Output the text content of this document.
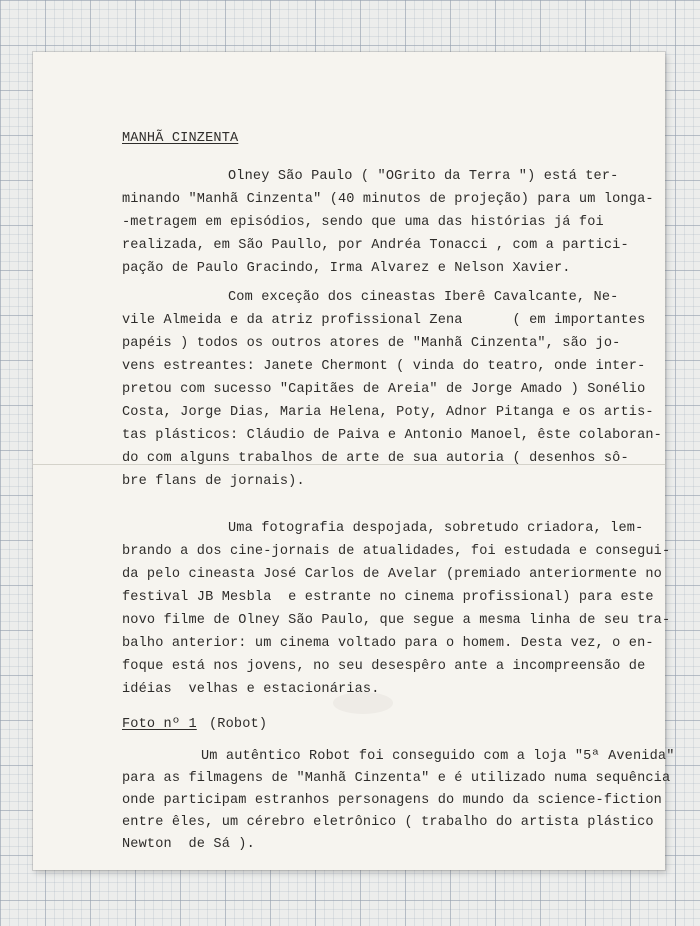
MANHÃ CINZENTA

Olney São Paulo ( "OGrito da Terra ") está ter-

minando "Manhã Cinzenta" (40 minutos de projeção) para um longa-

-metragem em episódios, sendo que uma das histórias já foi

realizada, em São Paullo, por Andréa Tonacci , com a partici-

pação de Paulo Gracindo, Irma Alvarez e Nelson Xavier.

Com exceção dos cineastas Iberê Cavalcante, Ne-

vile Almeida e da atriz profissional Zena      ( em importantes

papéis ) todos os outros atores de "Manhã Cinzenta", são jo-

vens estreantes: Janete Chermont ( vinda do teatro, onde inter-

pretou com sucesso "Capitães de Areia" de Jorge Amado ) Sonélio

Costa, Jorge Dias, Maria Helena, Poty, Adnor Pitanga e os artis-

tas plásticos: Cláudio de Paiva e Antonio Manoel, êste colaboran-

do com alguns trabalhos de arte de sua autoria ( desenhos sô-

bre flans de jornais).

Uma fotografia despojada, sobretudo criadora, lem-

brando a dos cine-jornais de atualidades, foi estudada e consegui-

da pelo cineasta José Carlos de Avelar (premiado anteriormente no

festival JB Mesbla  e estrante no cinema profissional) para este

novo filme de Olney São Paulo, que segue a mesma linha de seu tra-

balho anterior: um cinema voltado para o homem. Desta vez, o en-

foque está nos jovens, no seu desespêro ante a incompreensão de

idéias  velhas e estacionárias.

Foto nº 1 (Robot)

Um autêntico Robot foi conseguido com a loja "5ª Avenida"

para as filmagens de "Manhã Cinzenta" e é utilizado numa sequência

onde participam estranhos personagens do mundo da science-fiction

entre êles, um cérebro eletrônico ( trabalho do artista plástico

Newton  de Sá ).
